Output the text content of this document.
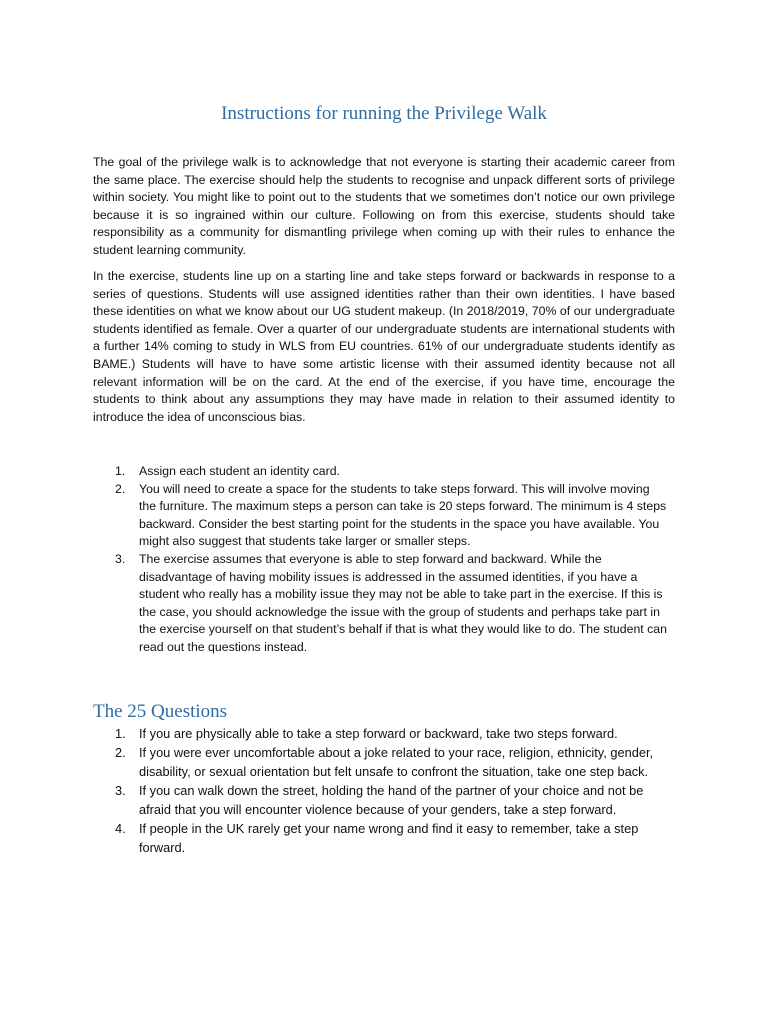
Instructions for running the Privilege Walk

The goal of the privilege walk is to acknowledge that not everyone is starting their academic career from the same place. The exercise should help the students to recognise and unpack different sorts of privilege within society. You might like to point out to the students that we sometimes don’t notice our own privilege because it is so ingrained within our culture. Following on from this exercise, students should take responsibility as a community for dismantling privilege when coming up with their rules to enhance the student learning community.

In the exercise, students line up on a starting line and take steps forward or backwards in response to a series of questions. Students will use assigned identities rather than their own identities. I have based these identities on what we know about our UG student makeup. (In 2018/2019, 70% of our undergraduate students identified as female. Over a quarter of our undergraduate students are international students with a further 14% coming to study in WLS from EU countries. 61% of our undergraduate students identify as BAME.) Students will have to have some artistic license with their assumed identity because not all relevant information will be on the card. At the end of the exercise, if you have time, encourage the students to think about any assumptions they may have made in relation to their assumed identity to introduce the idea of unconscious bias.

1. Assign each student an identity card.
2. You will need to create a space for the students to take steps forward. This will involve moving the furniture. The maximum steps a person can take is 20 steps forward. The minimum is 4 steps backward. Consider the best starting point for the students in the space you have available. You might also suggest that students take larger or smaller steps.
3. The exercise assumes that everyone is able to step forward and backward. While the disadvantage of having mobility issues is addressed in the assumed identities, if you have a student who really has a mobility issue they may not be able to take part in the exercise. If this is the case, you should acknowledge the issue with the group of students and perhaps take part in the exercise yourself on that student’s behalf if that is what they would like to do. The student can read out the questions instead.
The 25 Questions
1. If you are physically able to take a step forward or backward, take two steps forward.
2. If you were ever uncomfortable about a joke related to your race, religion, ethnicity, gender, disability, or sexual orientation but felt unsafe to confront the situation, take one step back.
3. If you can walk down the street, holding the hand of the partner of your choice and not be afraid that you will encounter violence because of your genders, take a step forward.
4. If people in the UK rarely get your name wrong and find it easy to remember, take a step forward.
